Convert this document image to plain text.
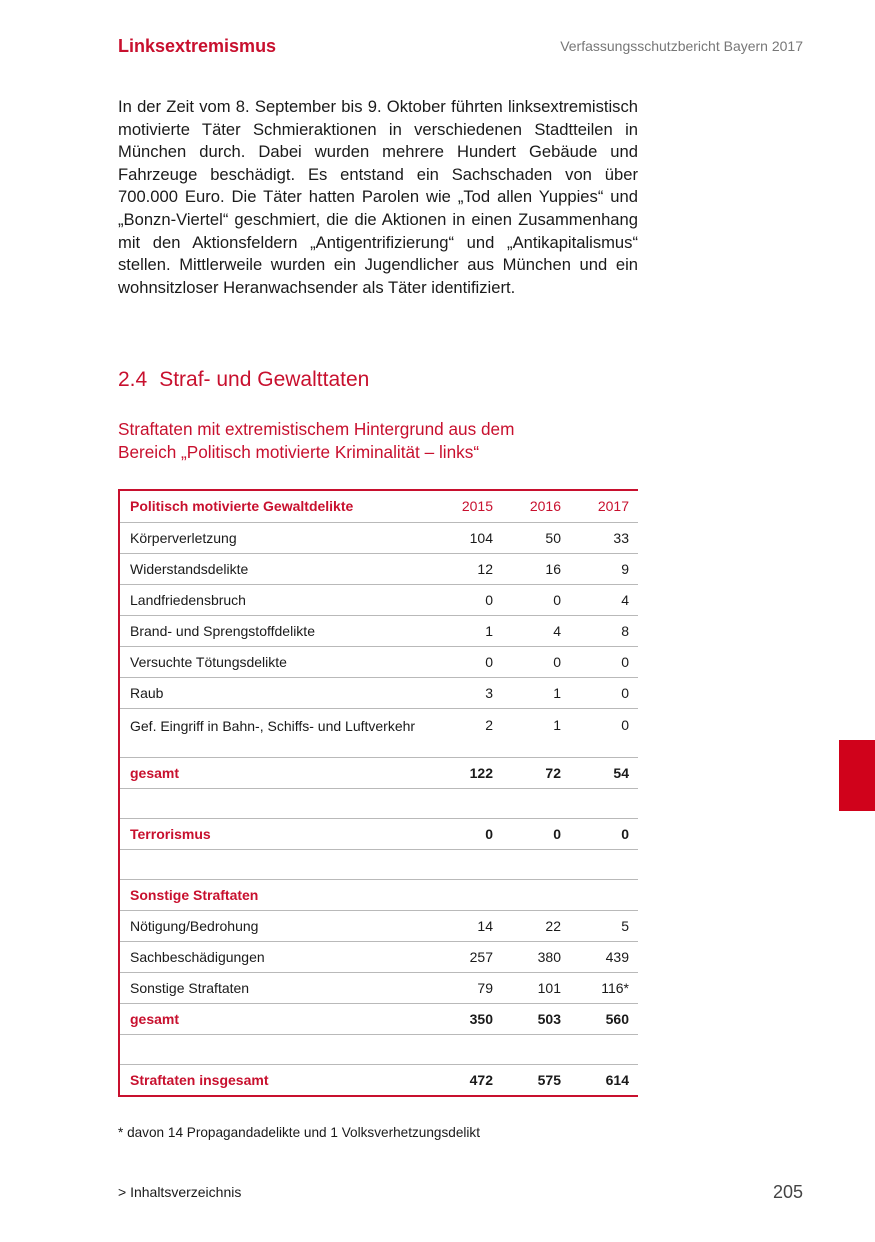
Linksextremismus	Verfassungsschutzbericht Bayern 2017

In der Zeit vom 8. September bis 9. Oktober führten linksextremistisch motivierte Täter Schmieraktionen in verschiedenen Stadtteilen in München durch. Dabei wurden mehrere Hundert Gebäude und Fahrzeuge beschädigt. Es entstand ein Sachschaden von über 700.000 Euro. Die Täter hatten Parolen wie „Tod allen Yuppies“ und „Bonzn-Viertel“ geschmiert, die die Aktionen in einen Zusammenhang mit den Aktionsfeldern „Antigentrifizierung“ und „Antikapitalismus“ stellen. Mittlerweile wurden ein Jugendlicher aus München und ein wohnsitzloser Heranwachsender als Täter identifiziert.

2.4 Straf- und Gewalttaten

Straftaten mit extremistischem Hintergrund aus dem
Bereich „Politisch motivierte Kriminalität – links“

Politisch motivierte Gewaltdelikte	2015	2016	2017
Körperverletzung	104	50	33
Widerstandsdelikte	12	16	9
Landfriedensbruch	0	0	4
Brand- und Sprengstoffdelikte	1	4	8
Versuchte Tötungsdelikte	0	0	0
Raub	3	1	0
Gef. Eingriff in Bahn-, Schiffs- und Luftverkehr	2	1	0
gesamt	122	72	54

Terrorismus	0	0	0

Sonstige Straftaten			
Nötigung/Bedrohung	14	22	5
Sachbeschädigungen	257	380	439
Sonstige Straftaten	79	101	116*
gesamt	350	503	560

Straftaten insgesamt	472	575	614

* davon 14 Propagandadelikte und 1 Volksverhetzungsdelikt

> Inhaltsverzeichnis	205
